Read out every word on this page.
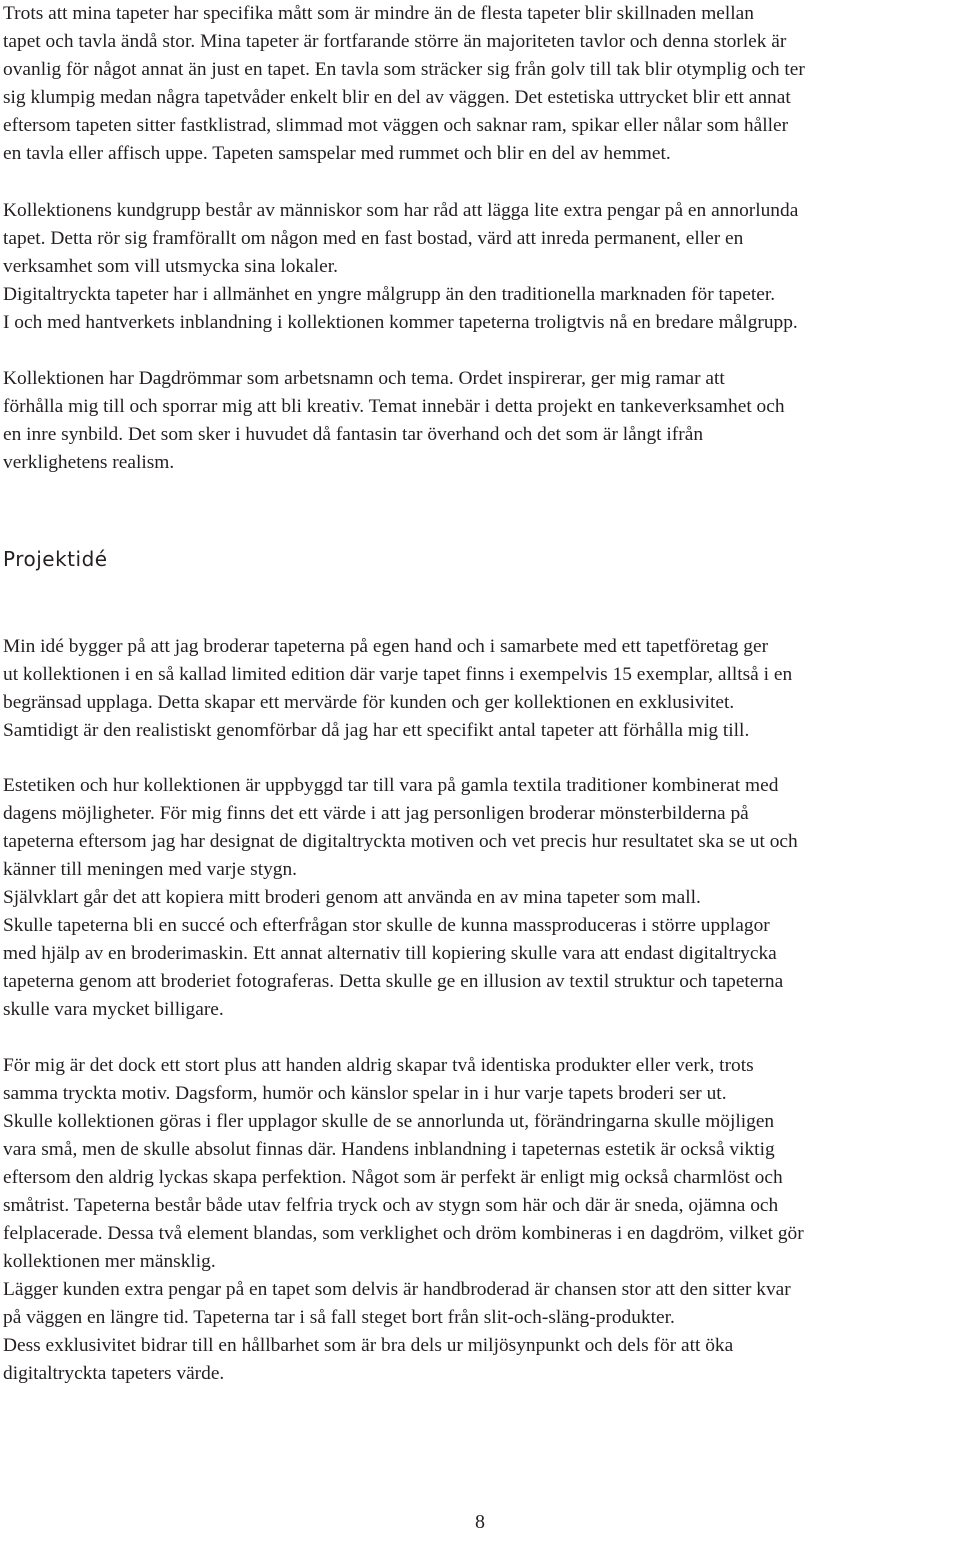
Trots att mina tapeter har specifika mått som är mindre än de flesta tapeter blir skillnaden mellan
tapet och tavla ändå stor. Mina tapeter är fortfarande större än majoriteten tavlor och denna storlek är
ovanlig för något annat än just en tapet. En tavla som sträcker sig från golv till tak blir otymplig och ter
sig klumpig medan några tapetvåder enkelt blir en del av väggen. Det estetiska uttrycket blir ett annat
eftersom tapeten sitter fastklistrad, slimmad mot väggen och saknar ram, spikar eller nålar som håller
en tavla eller affisch uppe. Tapeten samspelar med rummet och blir en del av hemmet.

Kollektionens kundgrupp består av människor som har råd att lägga lite extra pengar på en annorlunda
tapet. Detta rör sig framförallt om någon med en fast bostad, värd att inreda permanent, eller en
verksamhet som vill utsmycka sina lokaler.
Digitaltryckta tapeter har i allmänhet en yngre målgrupp än den traditionella marknaden för tapeter.
I och med hantverkets inblandning i kollektionen kommer tapeterna troligtvis nå en bredare målgrupp.

Kollektionen har Dagdrömmar som arbetsnamn och tema. Ordet inspirerar, ger mig ramar att
förhålla mig till och sporrar mig att bli kreativ. Temat innebär i detta projekt en tankeverksamhet och
en inre synbild. Det som sker i huvudet då fantasin tar överhand och det som är långt ifrån
verklighetens realism.

Projektidé

Min idé bygger på att jag broderar tapeterna på egen hand och i samarbete med ett tapetföretag ger
ut kollektionen i en så kallad limited edition där varje tapet finns i exempelvis 15 exemplar, alltså i en
begränsad upplaga. Detta skapar ett mervärde för kunden och ger kollektionen en exklusivitet.
Samtidigt är den realistiskt genomförbar då jag har ett specifikt antal tapeter att förhålla mig till.

Estetiken och hur kollektionen är uppbyggd tar till vara på gamla textila traditioner kombinerat med
dagens möjligheter. För mig finns det ett värde i att jag personligen broderar mönsterbilderna på
tapeterna eftersom jag har designat de digitaltryckta motiven och vet precis hur resultatet ska se ut och
känner till meningen med varje stygn.
Självklart går det att kopiera mitt broderi genom att använda en av mina tapeter som mall.
Skulle tapeterna bli en succé och efterfrågan stor skulle de kunna massproduceras i större upplagor
med hjälp av en broderimaskin. Ett annat alternativ till kopiering skulle vara att endast digitaltrycka
tapeterna genom att broderiet fotograferas. Detta skulle ge en illusion av textil struktur och tapeterna
skulle vara mycket billigare.

För mig är det dock ett stort plus att handen aldrig skapar två identiska produkter eller verk, trots
samma tryckta motiv. Dagsform, humör och känslor spelar in i hur varje tapets broderi ser ut.
Skulle kollektionen göras i fler upplagor skulle de se annorlunda ut, förändringarna skulle möjligen
vara små, men de skulle absolut finnas där. Handens inblandning i tapeternas estetik är också viktig
eftersom den aldrig lyckas skapa perfektion. Något som är perfekt är enligt mig också charmlöst och
småtrist. Tapeterna består både utav felfria tryck och av stygn som här och där är sneda, ojämna och
felplacerade. Dessa två element blandas, som verklighet och dröm kombineras i en dagdröm, vilket gör
kollektionen mer mänsklig.
Lägger kunden extra pengar på en tapet som delvis är handbroderad är chansen stor att den sitter kvar
på väggen en längre tid. Tapeterna tar i så fall steget bort från slit-och-släng-produkter.
Dess exklusivitet bidrar till en hållbarhet som är bra dels ur miljösynpunkt och dels för att öka
digitaltryckta tapeters värde.

8
